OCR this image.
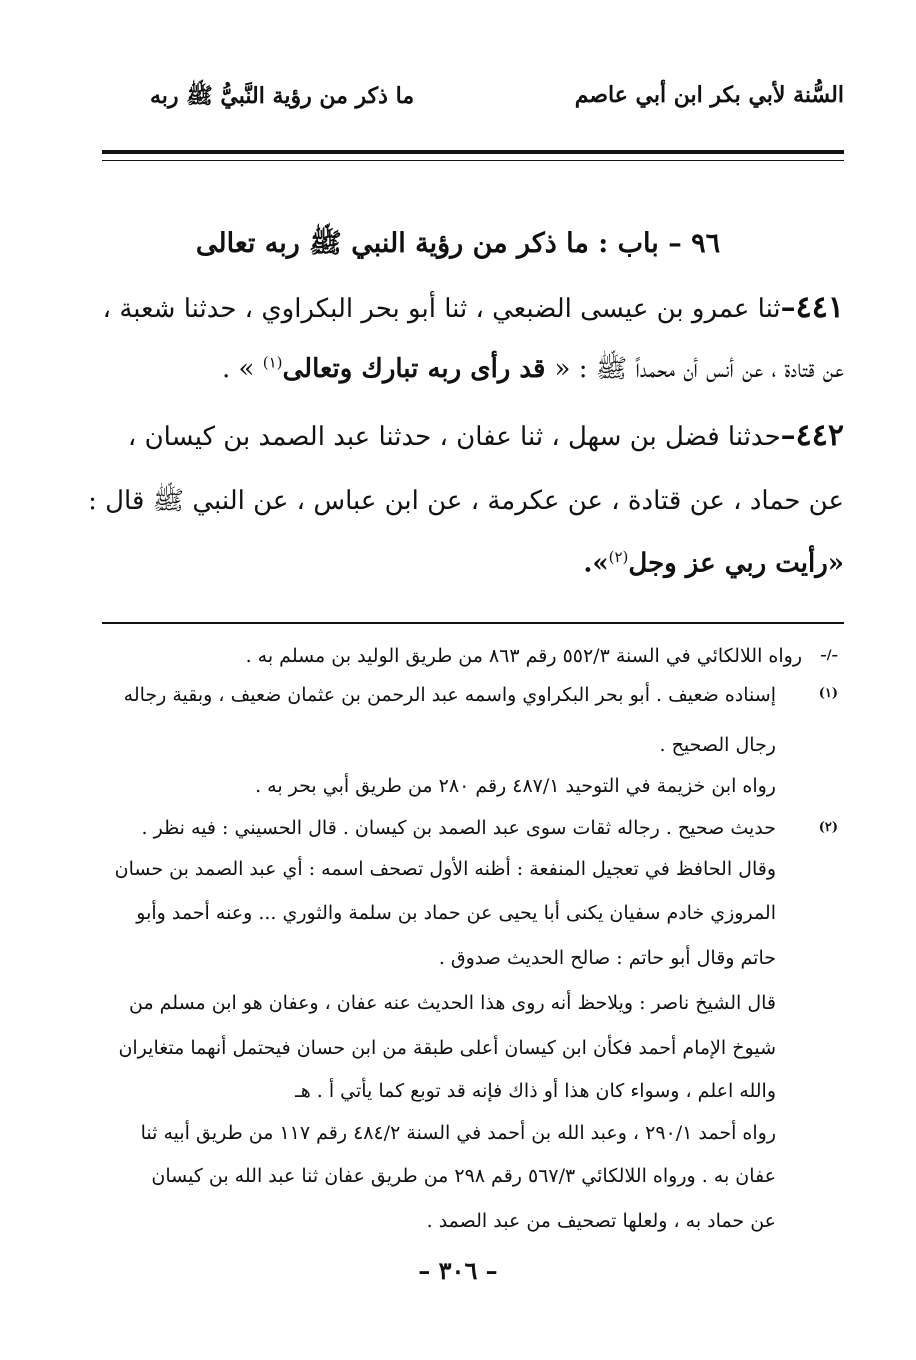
السُّنة لأبي بكر ابن أبي عاصم
ما ذكر من رؤية النَّبيُّ ﷺ ربه
٩٦ – باب : ما ذكر من رؤية النبي ﷺ ربه تعالى
٤٤١–ثنا عمرو بن عيسى الضبعي ، ثنا أبو بحر البكراوي ، حدثنا شعبة ،
عن قتادة ، عن أنس أن محمداً ﷺ : « قد رأى ربه تبارك وتعالى$^{(١)}$ » .
٤٤٢–حدثنا فضل بن سهل ، ثنا عفان ، حدثنا عبد الصمد بن كيسان ،
عن حماد ، عن قتادة ، عن عكرمة ، عن ابن عباس ، عن النبي ﷺ قال :
«رأيت ربي عز وجل$^{(٢)}$».
–/–
رواه اللالكائي في السنة ٥٥٢/٣ رقم ٨٦٣ من طريق الوليد بن مسلم به .
(١)
إسناده ضعيف . أبو بحر البكراوي واسمه عبد الرحمن بن عثمان ضعيف ، وبقية رجاله
رجال الصحيح .
رواه ابن خزيمة في التوحيد ٤٨٧/١ رقم ٢٨٠ من طريق أبي بحر به .
(٢)
حديث صحيح . رجاله ثقات سوى عبد الصمد بن كيسان . قال الحسيني : فيه نظر .
وقال الحافظ في تعجيل المنفعة : أظنه الأول تصحف اسمه : أي عبد الصمد بن حسان
المروزي خادم سفيان يكنى أبا يحيى عن حماد بن سلمة والثوري ... وعنه أحمد وأبو
حاتم وقال أبو حاتم : صالح الحديث صدوق .
قال الشيخ ناصر : ويلاحظ أنه روى هذا الحديث عنه عفان ، وعفان هو ابن مسلم من
شيوخ الإمام أحمد فكأن ابن كيسان أعلى طبقة من ابن حسان فيحتمل أنهما متغايران
والله اعلم ، وسواء كان هذا أو ذاك فإنه قد توبع كما يأتي أ . هـ
رواه أحمد ٢٩٠/١ ، وعبد الله بن أحمد في السنة ٤٨٤/٢ رقم ١١٧ من طريق أبيه ثنا
عفان به . ورواه اللالكائي ٥٦٧/٣ رقم ٢٩٨ من طريق عفان ثنا عبد الله بن كيسان
عن حماد به ، ولعلها تصحيف من عبد الصمد .
– ٣٠٦ –
